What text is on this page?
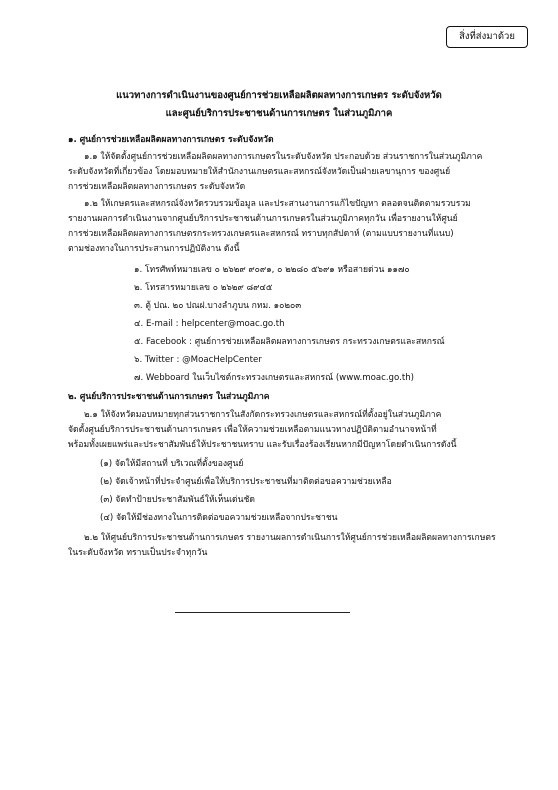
สิ่งที่ส่งมาด้วย
แนวทางการดำเนินงานของศูนย์การช่วยเหลือผลิตผลทางการเกษตร ระดับจังหวัด
และศูนย์บริการประชาชนด้านการเกษตร ในส่วนภูมิภาค
๑. ศูนย์การช่วยเหลือผลิตผลทางการเกษตร ระดับจังหวัด
๑.๑ ให้จัดตั้งศูนย์การช่วยเหลือผลิตผลทางการเกษตรในระดับจังหวัด ประกอบด้วย ส่วนราชการในส่วนภูมิภาค
ระดับจังหวัดที่เกี่ยวข้อง โดยมอบหมายให้สำนักงานเกษตรและสหกรณ์จังหวัดเป็นฝ่ายเลขานุการ ของศูนย์
การช่วยเหลือผลิตผลทางการเกษตร ระดับจังหวัด
๑.๒ ให้เกษตรและสหกรณ์จังหวัดรวบรวมข้อมูล และประสานงานการแก้ไขปัญหา ตลอดจนติดตามรวบรวม
รายงานผลการดำเนินงานจากศูนย์บริการประชาชนด้านการเกษตรในส่วนภูมิภาคทุกวัน เพื่อรายงานให้ศูนย์
การช่วยเหลือผลิตผลทางการเกษตรกระทรวงเกษตรและสหกรณ์ ทราบทุกสัปดาห์ (ตามแบบรายงานที่แนบ)
ตามช่องทางในการประสานการปฏิบัติงาน ดังนี้
๑. โทรศัพท์หมายเลข ๐ ๒๖๒๙ ๙๐๙๑, ๐ ๒๒๘๐ ๕๖๙๑ หรือสายด่วน ๑๑๗๐
๒. โทรสารหมายเลข ๐ ๒๖๒๙ ๘๙๔๕
๓. ตู้ ปณ. ๒๐ ปณฝ.บางลำภูบน กทม. ๑๐๒๐๓
๔. E-mail : helpcenter@moac.go.th
๕. Facebook : ศูนย์การช่วยเหลือผลิตผลทางการเกษตร กระทรวงเกษตรและสหกรณ์
๖. Twitter : @MoacHelpCenter
๗. Webboard ในเว็บไซต์กระทรวงเกษตรและสหกรณ์ (www.moac.go.th)
๒. ศูนย์บริการประชาชนด้านการเกษตร ในส่วนภูมิภาค
๒.๑ ให้จังหวัดมอบหมายทุกส่วนราชการในสังกัดกระทรวงเกษตรและสหกรณ์ที่ตั้งอยู่ในส่วนภูมิภาค
จัดตั้งศูนย์บริการประชาชนด้านการเกษตร เพื่อให้ความช่วยเหลือตามแนวทางปฏิบัติตามอำนาจหน้าที่
พร้อมทั้งเผยแพร่และประชาสัมพันธ์ให้ประชาชนทราบ และรับเรื่องร้องเรียนหากมีปัญหาโดยดำเนินการดังนี้
(๑) จัดให้มีสถานที่ บริเวณที่ตั้งของศูนย์
(๒) จัดเจ้าหน้าที่ประจำศูนย์เพื่อให้บริการประชาชนที่มาติดต่อขอความช่วยเหลือ
(๓) จัดทำป้ายประชาสัมพันธ์ให้เห็นเด่นชัด
(๔) จัดให้มีช่องทางในการติดต่อขอความช่วยเหลือจากประชาชน
๒.๒ ให้ศูนย์บริการประชาชนด้านการเกษตร รายงานผลการดำเนินการให้ศูนย์การช่วยเหลือผลิตผลทางการเกษตร
ในระดับจังหวัด ทราบเป็นประจำทุกวัน
